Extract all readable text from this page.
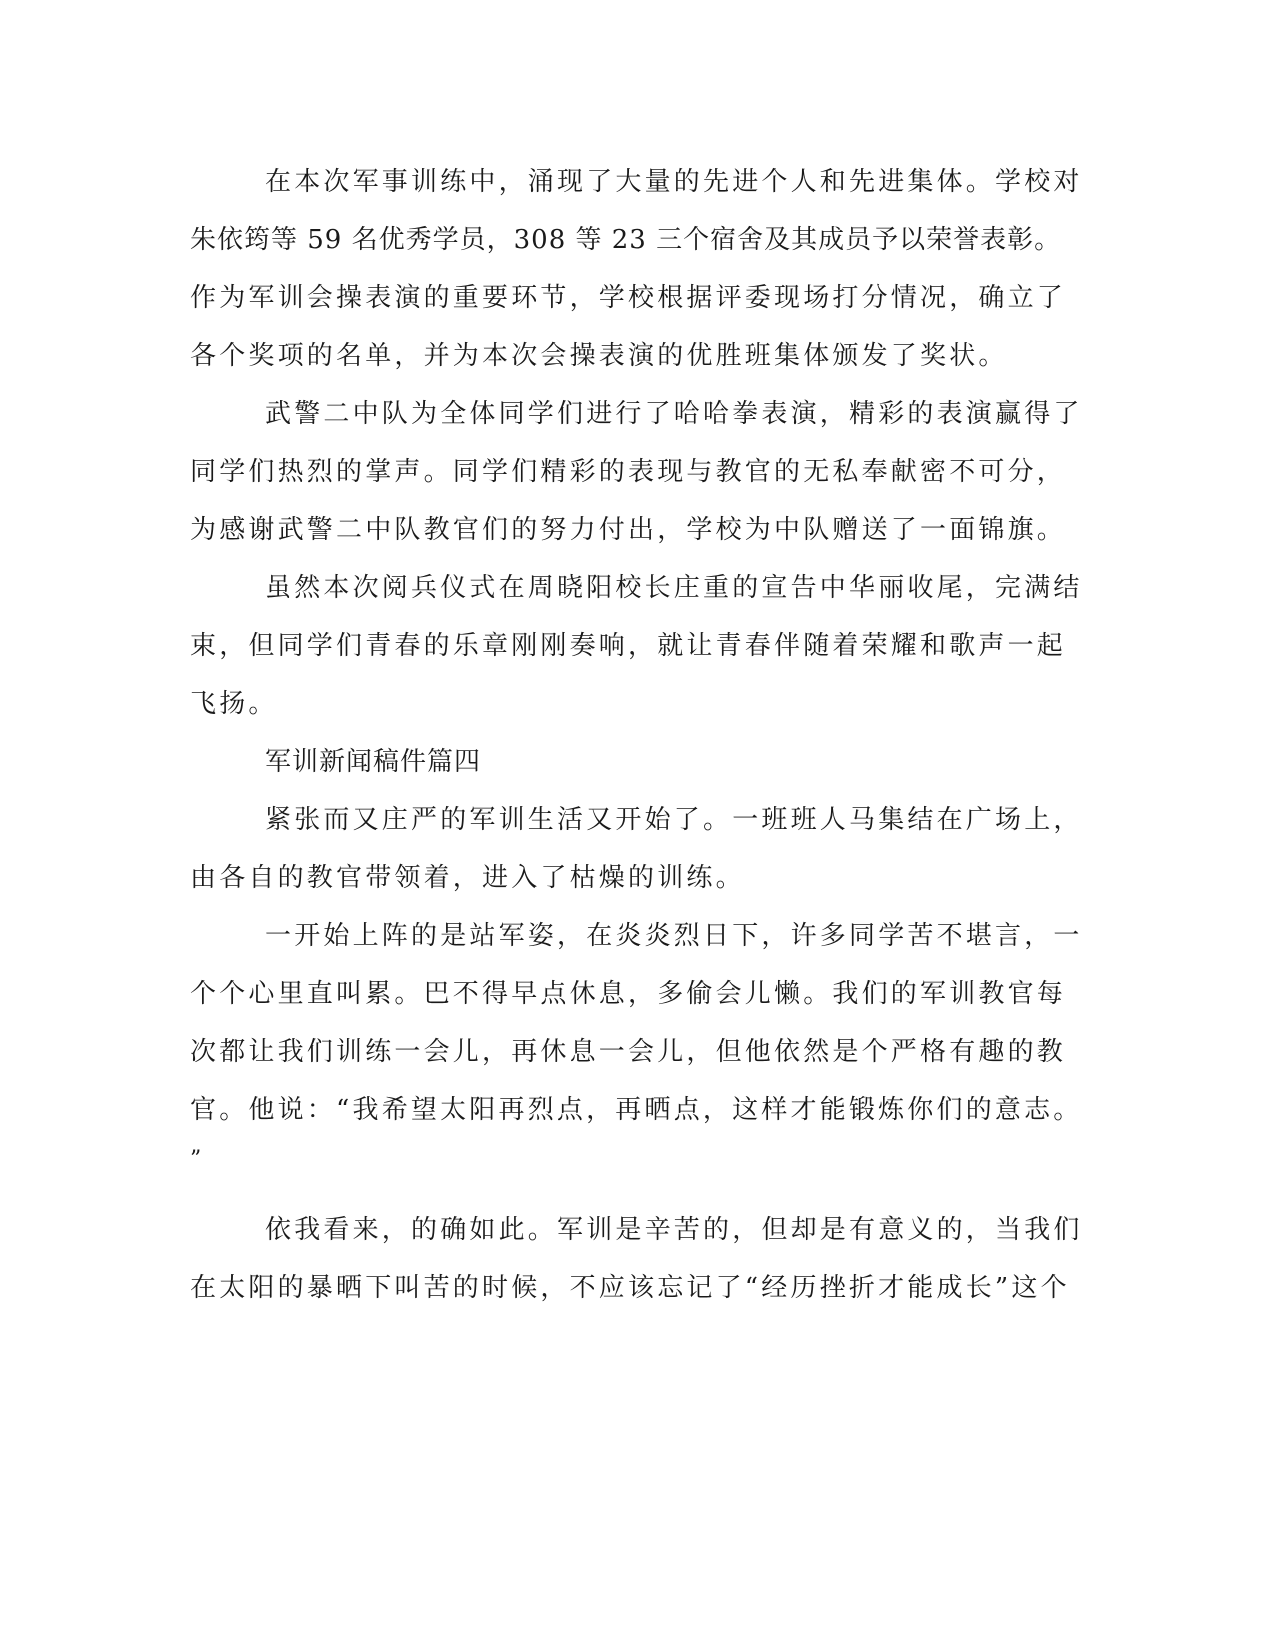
在本次军事训练中，涌现了大量的先进个人和先进集体。学校对
朱依筠等 59 名优秀学员，308 等 23 三个宿舍及其成员予以荣誉表彰。
作为军训会操表演的重要环节，学校根据评委现场打分情况，确立了
各个奖项的名单，并为本次会操表演的优胜班集体颁发了奖状。
武警二中队为全体同学们进行了哈哈拳表演，精彩的表演赢得了
同学们热烈的掌声。同学们精彩的表现与教官的无私奉献密不可分，
为感谢武警二中队教官们的努力付出，学校为中队赠送了一面锦旗。
虽然本次阅兵仪式在周晓阳校长庄重的宣告中华丽收尾，完满结
束，但同学们青春的乐章刚刚奏响，就让青春伴随着荣耀和歌声一起
飞扬。
军训新闻稿件篇四
紧张而又庄严的军训生活又开始了。一班班人马集结在广场上，
由各自的教官带领着，进入了枯燥的训练。
一开始上阵的是站军姿，在炎炎烈日下，许多同学苦不堪言，一
个个心里直叫累。巴不得早点休息，多偷会儿懒。我们的军训教官每
次都让我们训练一会儿，再休息一会儿，但他依然是个严格有趣的教
官。他说：“我希望太阳再烈点，再晒点，这样才能锻炼你们的意志。
”
依我看来，的确如此。军训是辛苦的，但却是有意义的，当我们
在太阳的暴晒下叫苦的时候，不应该忘记了“经历挫折才能成长”这个
